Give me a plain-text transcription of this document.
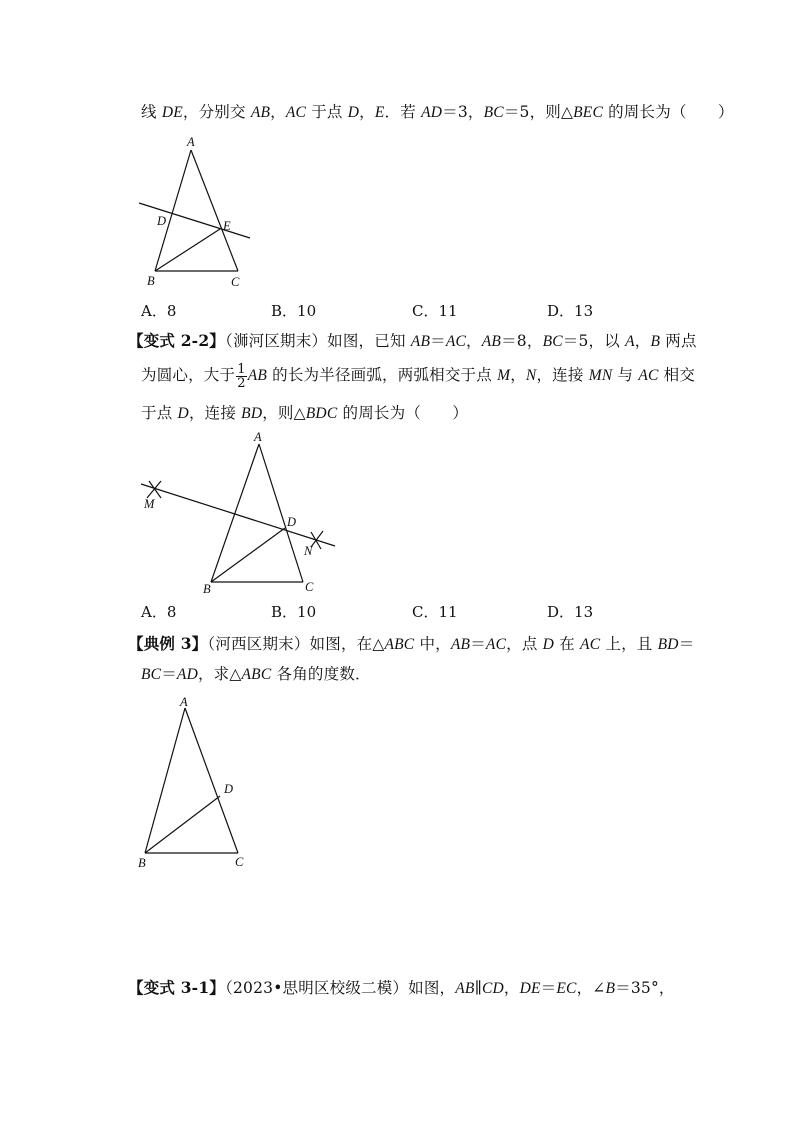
线 DE，分别交 AB，AC 于点 D，E．若 AD＝3，BC＝5，则△BEC 的周长为（　　）
A
D	E
B	C
A．8	B．10	C．11	D．13
【变式 2-2】（浉河区期末）如图，已知 AB＝AC，AB＝8，BC＝5，以 A，B 两点
为圆心，大于 $\frac{1}{2}$ AB 的长为半径画弧，两弧相交于点 M，N，连接 MN 与 AC 相交
于点 D，连接 BD，则△BDC 的周长为（　　）
A
M
D
N
B	C
A．8	B．10	C．11	D．13
【典例 3】（河西区期末）如图，在△ABC 中，AB＝AC，点 D 在 AC 上，且 BD＝
BC＝AD，求△ABC 各角的度数．
A
D
B	C
【变式 3-1】（2023•思明区校级二模）如图，AB∥CD，DE＝EC，∠B＝35°，
